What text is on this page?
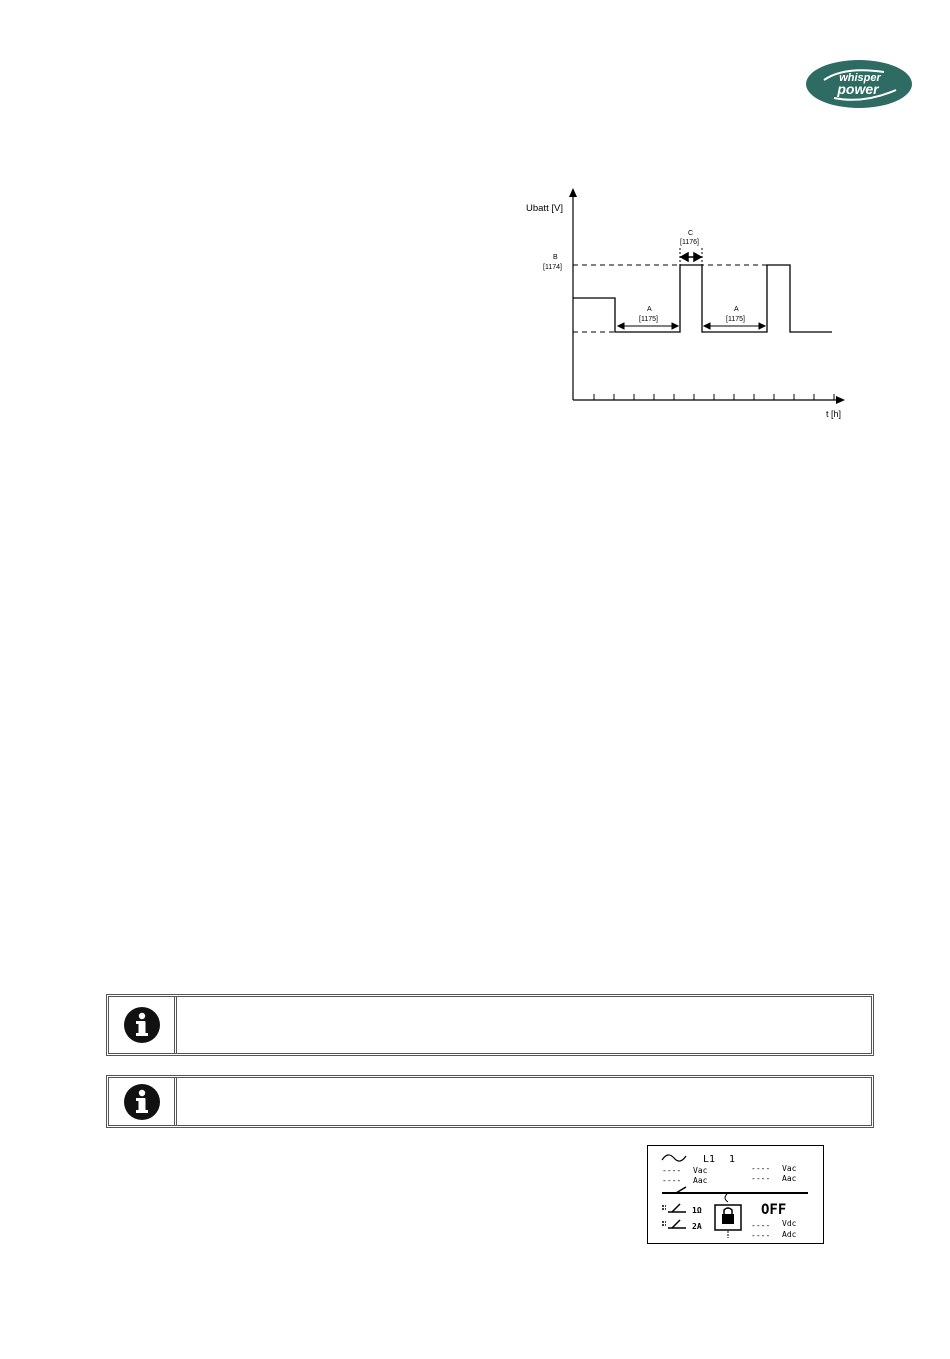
whisper
power
Ubatt [V]
t [h]
B
[1174]
C
[1176]
A
[1175]
A
[1175]
L1 1
---- Vac
---- Aac
---- Vac
---- Aac
1Ω
2A
OFF
---- Vdc
---- Adc
